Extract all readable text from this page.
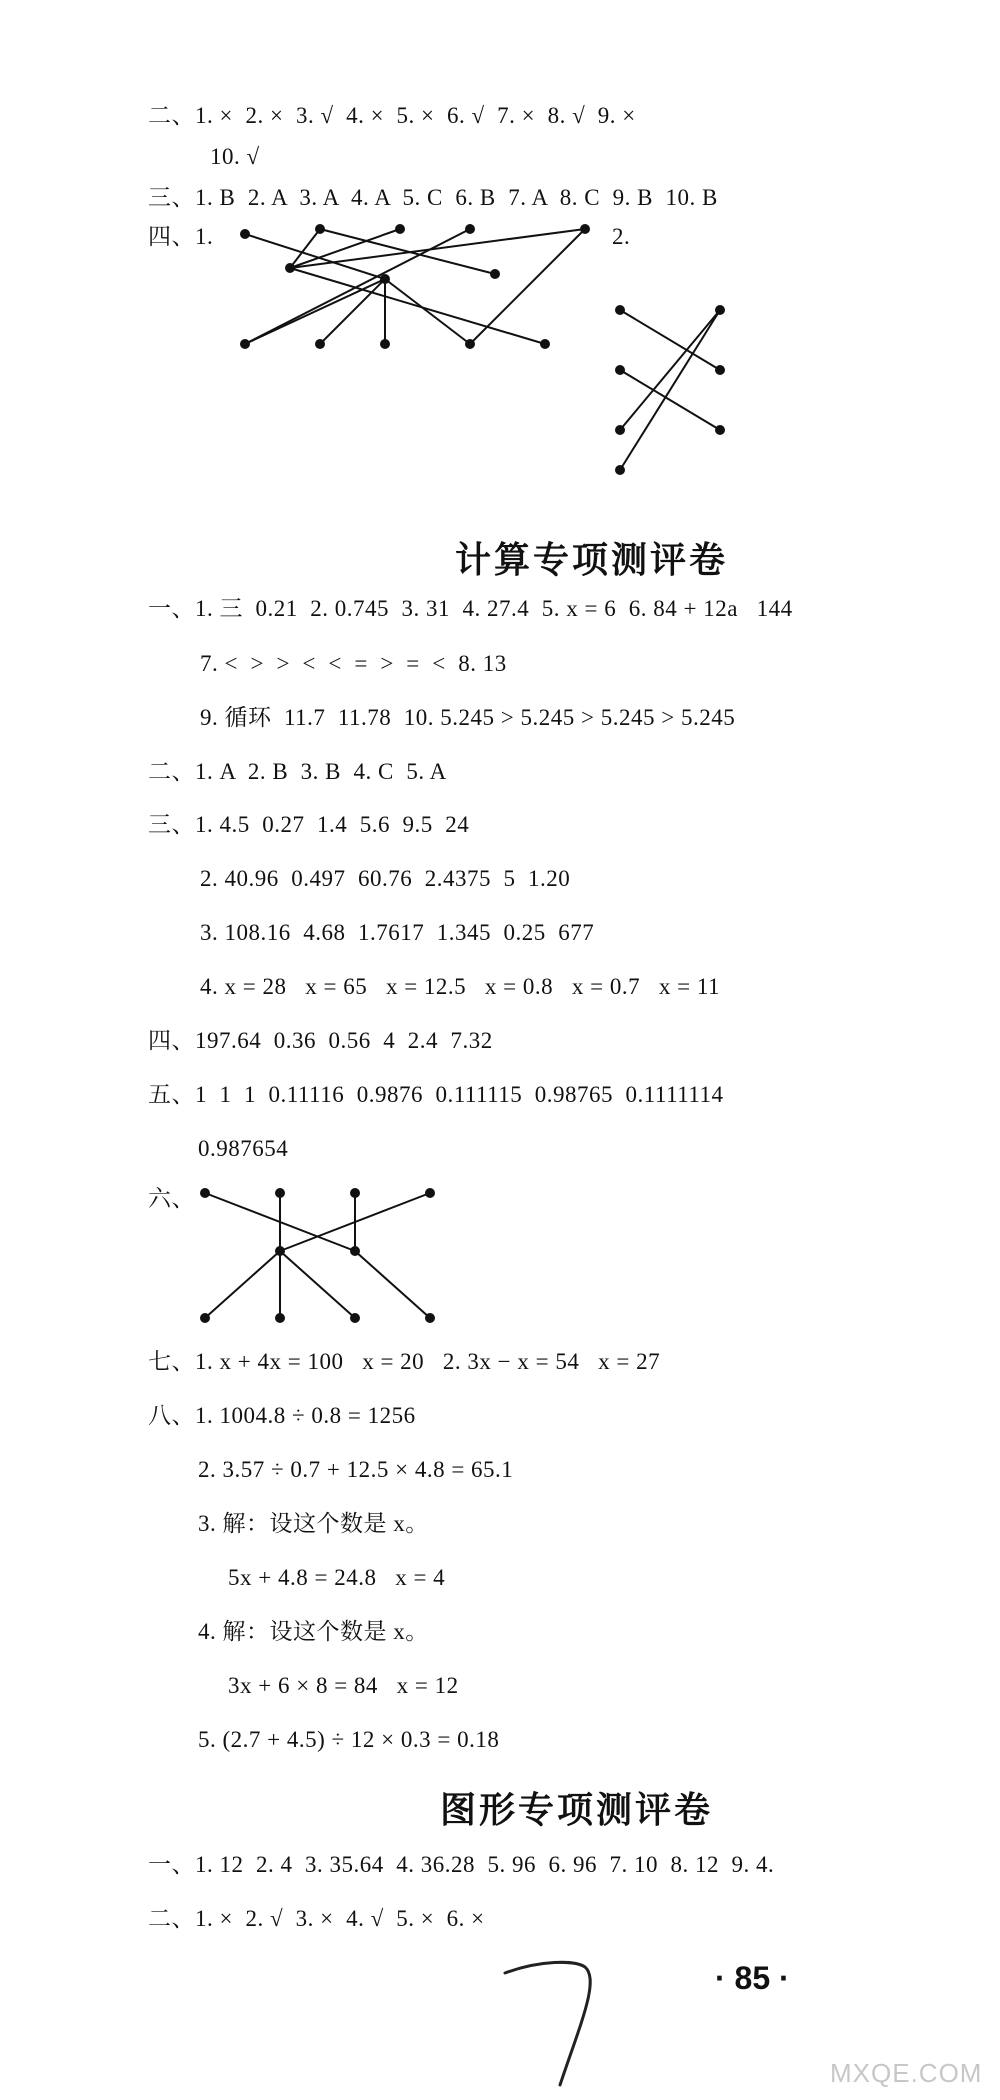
二、1. ×  2. ×  3. √  4. ×  5. ×  6. √  7. ×  8. √  9. ×
10. √
三、1. B  2. A  3. A  4. A  5. C  6. B  7. A  8. C  9. B  10. B
四、1.	2.
计算专项测评卷
一、1. 三  0.21  2. 0.745  3. 31  4. 27.4  5. x = 6  6. 84 + 12a   144
7. <  >  >  <  <  =  >  =  <  8. 13
9. 循环  11.7  11.78  10. 5.245 > 5.245 > 5.245 > 5.245
二、1. A  2. B  3. B  4. C  5. A
三、1. 4.5  0.27  1.4  5.6  9.5  24
2. 40.96  0.497  60.76  2.4375  5  1.20
3. 108.16  4.68  1.7617  1.345  0.25  677
4. x = 28   x = 65   x = 12.5   x = 0.8   x = 0.7   x = 11
四、197.64  0.36  0.56  4  2.4  7.32
五、1  1  1  0.11116  0.9876  0.111115  0.98765  0.1111114
0.987654
六、
七、1. x + 4x = 100   x = 20   2. 3x − x = 54   x = 27
八、1. 1004.8 ÷ 0.8 = 1256
2. 3.57 ÷ 0.7 + 12.5 × 4.8 = 65.1
3. 解：设这个数是 x。
5x + 4.8 = 24.8   x = 4
4. 解：设这个数是 x。
3x + 6 × 8 = 84   x = 12
5. (2.7 + 4.5) ÷ 12 × 0.3 = 0.18
图形专项测评卷
一、1. 12  2. 4  3. 35.64  4. 36.28  5. 96  6. 96  7. 10  8. 12  9. 4.
二、1. ×  2. √  3. ×  4. √  5. ×  6. ×
· 85 ·
MXQE.COM
